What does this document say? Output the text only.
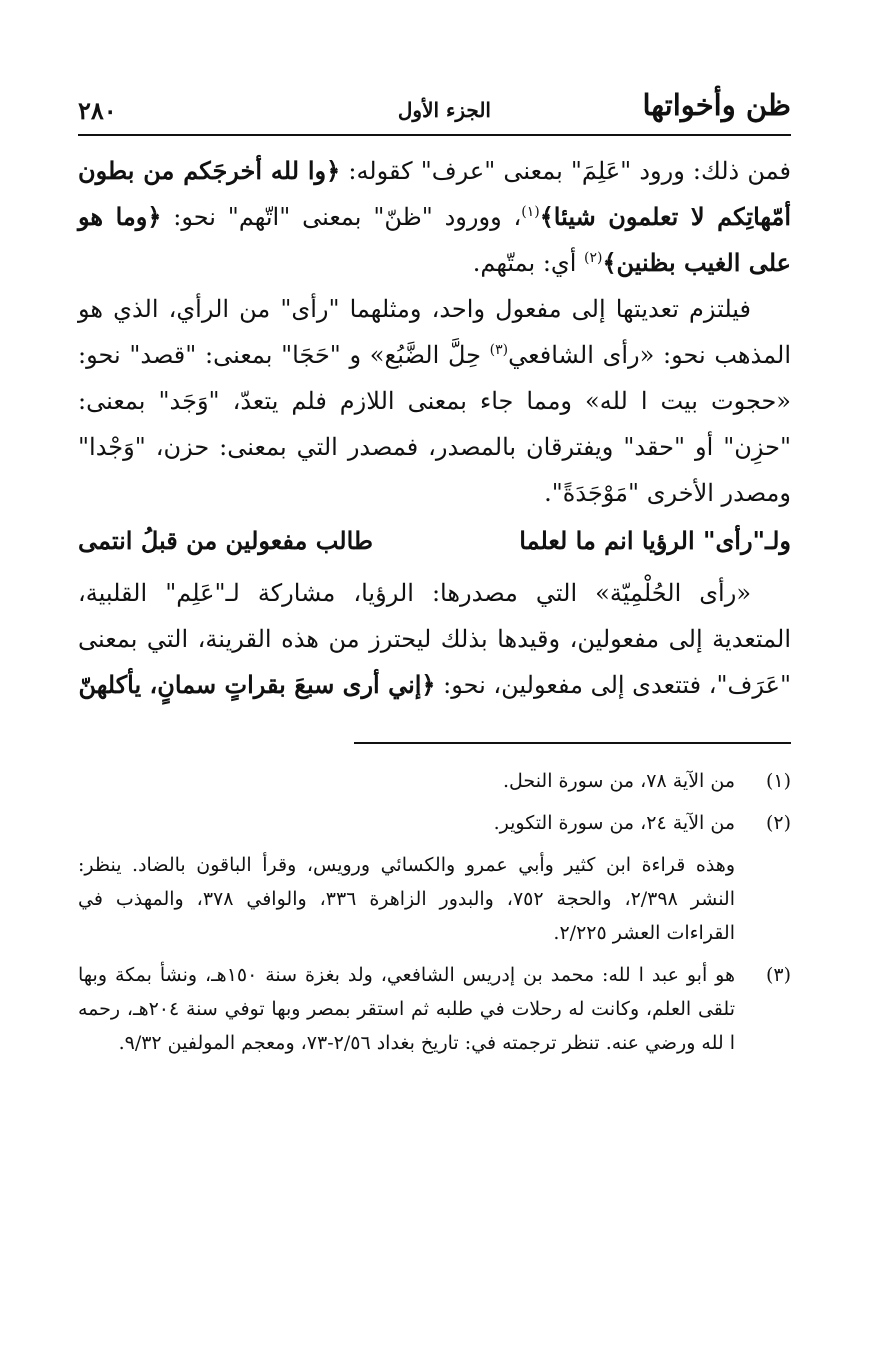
ظن وأخواتها
الجزء الأول
٢٨٠

فمن ذلك: ورود "عَلِمَ" بمعنى "عرف" كقوله: ﴿وا لله أخرجَكم من بطون أمّهاتِكم لا تعلمون شيئا﴾$^{(١)}$، وورود "ظنّ" بمعنى "اتّهم" نحو: ﴿وما هو على الغيب بظنين﴾$^{(٢)}$ أي: بمتّهم.

فيلتزم تعديتها إلى مفعول واحد، ومثلهما "رأى" من الرأي، الذي هو المذهب نحو: «رأى الشافعي$^{(٣)}$ حِلَّ الضَّبُع» و "حَجَا" بمعنى: "قصد" نحو: «حجوت بيت ا لله» ومما جاء بمعنى اللازم فلم يتعدّ، "وَجَد" بمعنى: "حزِن" أو "حقد" ويفترقان بالمصدر، فمصدر التي بمعنى: حزن، "وَجْدا" ومصدر الأخرى "مَوْجَدَةً".

ولـ"رأى" الرؤيا انم ما لعلما
طالب مفعولين من قبلُ انتمى

«رأى الحُلْمِيّة» التي مصدرها: الرؤيا، مشاركة لـ"عَلِم" القلبية، المتعدية إلى مفعولين، وقيدها بذلك ليحترز من هذه القرينة، التي بمعنى "عَرَف"، فتتعدى إلى مفعولين، نحو: ﴿إني أرى سبعَ بقراتٍ سمانٍ، يأكلهنّ

(١)
من الآية ٧٨، من سورة النحل.
(٢)
من الآية ٢٤، من سورة التكوير.
وهذه قراءة ابن كثير وأبي عمرو والكسائي ورويس، وقرأ الباقون بالضاد. ينظر: النشر ٢/٣٩٨، والحجة ٧٥٢، والبدور الزاهرة ٣٣٦، والوافي ٣٧٨، والمهذب في القراءات العشر ٢/٢٢٥.
(٣)
هو أبو عبد ا لله: محمد بن إدريس الشافعي، ولد بغزة سنة ١٥٠هـ، ونشأ بمكة وبها تلقى العلم، وكانت له رحلات في طلبه ثم استقر بمصر وبها توفي سنة ٢٠٤هـ، رحمه ا لله ورضي عنه. تنظر ترجمته في: تاريخ بغداد ٢/٥٦-٧٣، ومعجم المولفين ٩/٣٢.
